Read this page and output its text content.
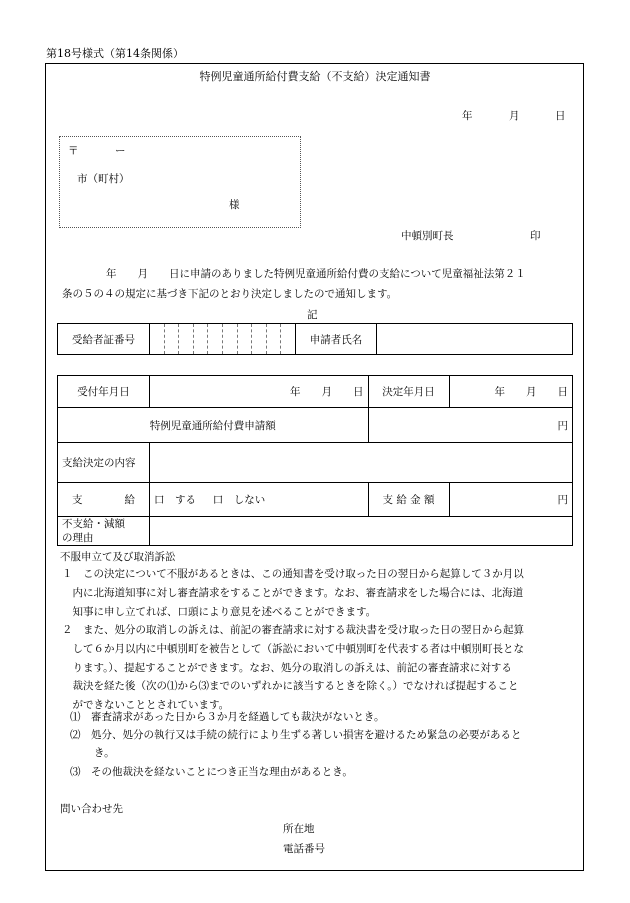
第18号様式（第14条関係）
特例児童通所給付費支給（不支給）決定通知書
年	月	日
〒	ー
市（町村）
様
中頓別町長	印
年　　月　　日に申請のありました特例児童通所給付費の支給について児童福祉法第２１
条の５の４の規定に基づき下記のとおり決定しましたので通知します。
記
受給者証番号		申請者氏名	
受付年月日	年　　月　　日	決定年月日	年　　月　　日
特例児童通所給付費申請額		円	
支給決定の内容			
支　　　　給	口　する 口　しない	支 給 金 額	円

不支給・減額
の理由			

不服申立て及び取消訴訟
１　この決定について不服があるときは、この通知書を受け取った日の翌日から起算して３か月以
　内に北海道知事に対し審査請求をすることができます。なお、審査請求をした場合には、北海道
　知事に申し立てれば、口頭により意見を述べることができます。
２　また、処分の取消しの訴えは、前記の審査請求に対する裁決書を受け取った日の翌日から起算
　して６か月以内に中頓別町を被告として（訴訟において中頓別町を代表する者は中頓別町長とな
　ります。）、提起することができます。なお、処分の取消しの訴えは、前記の審査請求に対する
　裁決を経た後（次の⑴から⑶までのいずれかに該当するときを除く。）でなければ提起すること
　ができないこととされています。
⑴　審査請求があった日から３か月を経過しても裁決がないとき。
⑵　処分、処分の執行又は手続の続行により生ずる著しい損害を避けるため緊急の必要があると
き。
⑶　その他裁決を経ないことにつき正当な理由があるとき。
問い合わせ先
所在地
電話番号
